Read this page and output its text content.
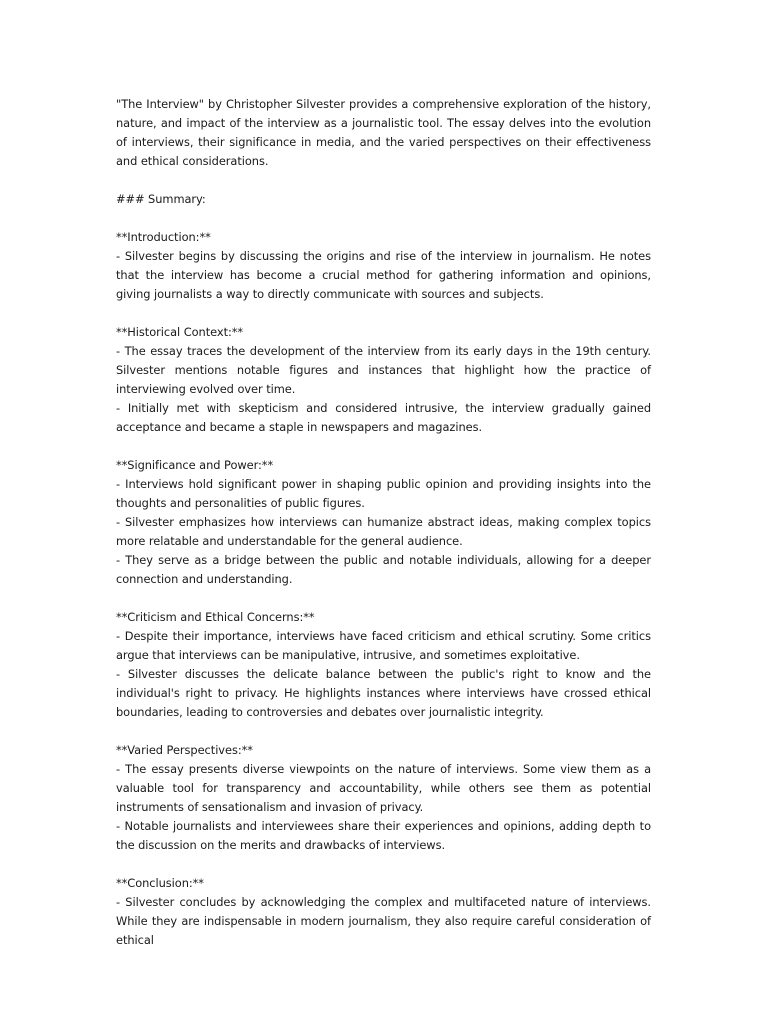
"The Interview" by Christopher Silvester provides a comprehensive exploration of the history, nature, and impact of the interview as a journalistic tool. The essay delves into the evolution of interviews, their significance in media, and the varied perspectives on their effectiveness and ethical considerations.

### Summary:

**Introduction:**
- Silvester begins by discussing the origins and rise of the interview in journalism. He notes that the interview has become a crucial method for gathering information and opinions, giving journalists a way to directly communicate with sources and subjects.
**Historical Context:**
- The essay traces the development of the interview from its early days in the 19th century. Silvester mentions notable figures and instances that highlight how the practice of interviewing evolved over time.
- Initially met with skepticism and considered intrusive, the interview gradually gained acceptance and became a staple in newspapers and magazines.
**Significance and Power:**
- Interviews hold significant power in shaping public opinion and providing insights into the thoughts and personalities of public figures.
- Silvester emphasizes how interviews can humanize abstract ideas, making complex topics more relatable and understandable for the general audience.
- They serve as a bridge between the public and notable individuals, allowing for a deeper connection and understanding.
**Criticism and Ethical Concerns:**
- Despite their importance, interviews have faced criticism and ethical scrutiny. Some critics argue that interviews can be manipulative, intrusive, and sometimes exploitative.
- Silvester discusses the delicate balance between the public's right to know and the individual's right to privacy. He highlights instances where interviews have crossed ethical boundaries, leading to controversies and debates over journalistic integrity.
**Varied Perspectives:**
- The essay presents diverse viewpoints on the nature of interviews. Some view them as a valuable tool for transparency and accountability, while others see them as potential instruments of sensationalism and invasion of privacy.
- Notable journalists and interviewees share their experiences and opinions, adding depth to the discussion on the merits and drawbacks of interviews.
**Conclusion:**
- Silvester concludes by acknowledging the complex and multifaceted nature of interviews. While they are indispensable in modern journalism, they also require careful consideration of ethical
